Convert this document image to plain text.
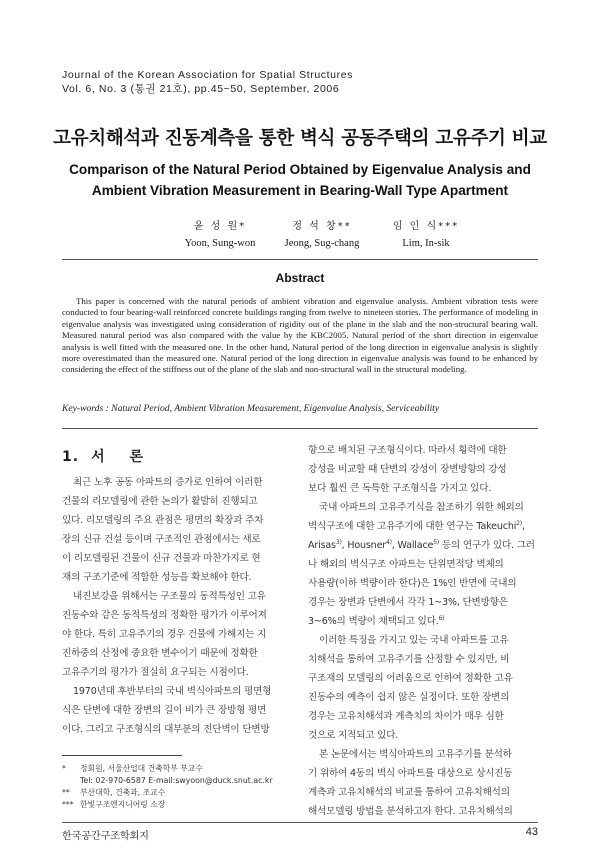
Journal of the Korean Association for Spatial Structures
Vol. 6, No. 3 (통권 21호), pp.45~50, September, 2006
고유치해석과 진동계측을 통한 벽식 공동주택의 고유주기 비교
Comparison of the Natural Period Obtained by Eigenvalue Analysis and
Ambient Vibration Measurement in Bearing-Wall Type Apartment
윤 성 원*
Yoon, Sung-won
정 석 창**
Jeong, Sug-chang
임 인 식***
Lim, In-sik
Abstract
This paper is concerned with the natural periods of ambient vibration and eigenvalue analysis. Ambient vibration tests were conducted to four bearing-wall reinforced concrete buildings ranging from twelve to nineteen stories. The performance of modeling in eigenvalue analysis was investigated using consideration of rigidity out of the plane in the slab and the non-structural bearing wall. Measured natural period was also compared with the value by the KBC2005. Natural period of the short direction in eigenvalue analysis is well fitted with the measured one. In the other hand, Natural period of the long direction in eigenvalue analysis is slightly more overestimated than the measured one. Natural period of the long direction in eigenvalue analysis was found to be enhanced by considering the effect of the stiffness out of the plane of the slab and non-structural wall in the structural modeling.
Key-words : Natural Period, Ambient Vibration Measurement, Eigenvalue Analysis, Serviceability
1. 서 론

최근 노후 공동 아파트의 증가로 인하여 이러한
건물의 리모델링에 관한 논의가 활발히 진행되고
있다. 리모델링의 주요 관점은 평면의 확장과 주차
장의 신규 건설 등이며 구조적인 관점에서는 새로
이 리모델링된 건물이 신규 건물과 마찬가지로 현
재의 구조기준에 적합한 성능을 확보해야 한다.

내진보강을 위해서는 구조물의 동적특성인 고유
진동수와 같은 동적특성의 정확한 평가가 이루어져
야 한다. 특히 고유주기의 경우 건물에 가해지는 지
진하중의 산정에 중요한 변수이기 때문에 정확한
고유주기의 평가가 절실히 요구되는 시점이다.

1970년대 후반부터의 국내 벽식아파트의 평면형
식은 단변에 대한 장변의 길이 비가 큰 장방형 평면
이다. 그리고 구조형식의 대부분의 전단벽이 단변방

향으로 배치된 구조형식이다. 따라서 횡력에 대한
강성을 비교할 때 단변의 강성이 장변방향의 강성
보다 훨씬 큰 독특한 구조형식을 가지고 있다.

국내 아파트의 고유주기식을 참조하기 위한 해외의
벽식구조에 대한 고유주기에 대한 연구는 Takeuchi$^{2)}$,
Arisas$^{3)}$, Housner$^{4)}$, Wallace$^{5)}$ 등의 연구가 있다. 그러
나 해외의 벽식구조 아파트는 단위면적당 벽체의
사용량(이하 벽량이라 한다)은 1%인 반면에 국내의
경우는 장변과 단변에서 각각 1~3%, 단변방향은
3~6%의 벽량이 채택되고 있다.$^{6)}$

이러한 특징을 가지고 있는 국내 아파트를 고유
치해석을 통하여 고유주기를 산정할 수 있지만, 비
구조재의 모델링의 어려움으로 인하여 정확한 고유
진동수의 예측이 쉽지 않은 실정이다. 또한 장변의
경우는 고유치해석과 계측치의 차이가 매우 심한
것으로 지적되고 있다.

본 논문에서는 벽식아파트의 고유주기를 분석하
기 위하여 4동의 벽식 아파트를 대상으로 상시진동
계측과 고유치해석의 비교를 통하여 고유치해석의
해석모델링 방법을 분석하고자 한다. 고유치해석의

* 정회원, 서울산업대 건축학부 부교수
Tel: 02-970-6587 E-mail:swyoon@duck.snut.ac.kr
** 부산대학, 건축과, 조교수
*** 한빛구조엔지니어링 소장
한국공간구조학회지	43
